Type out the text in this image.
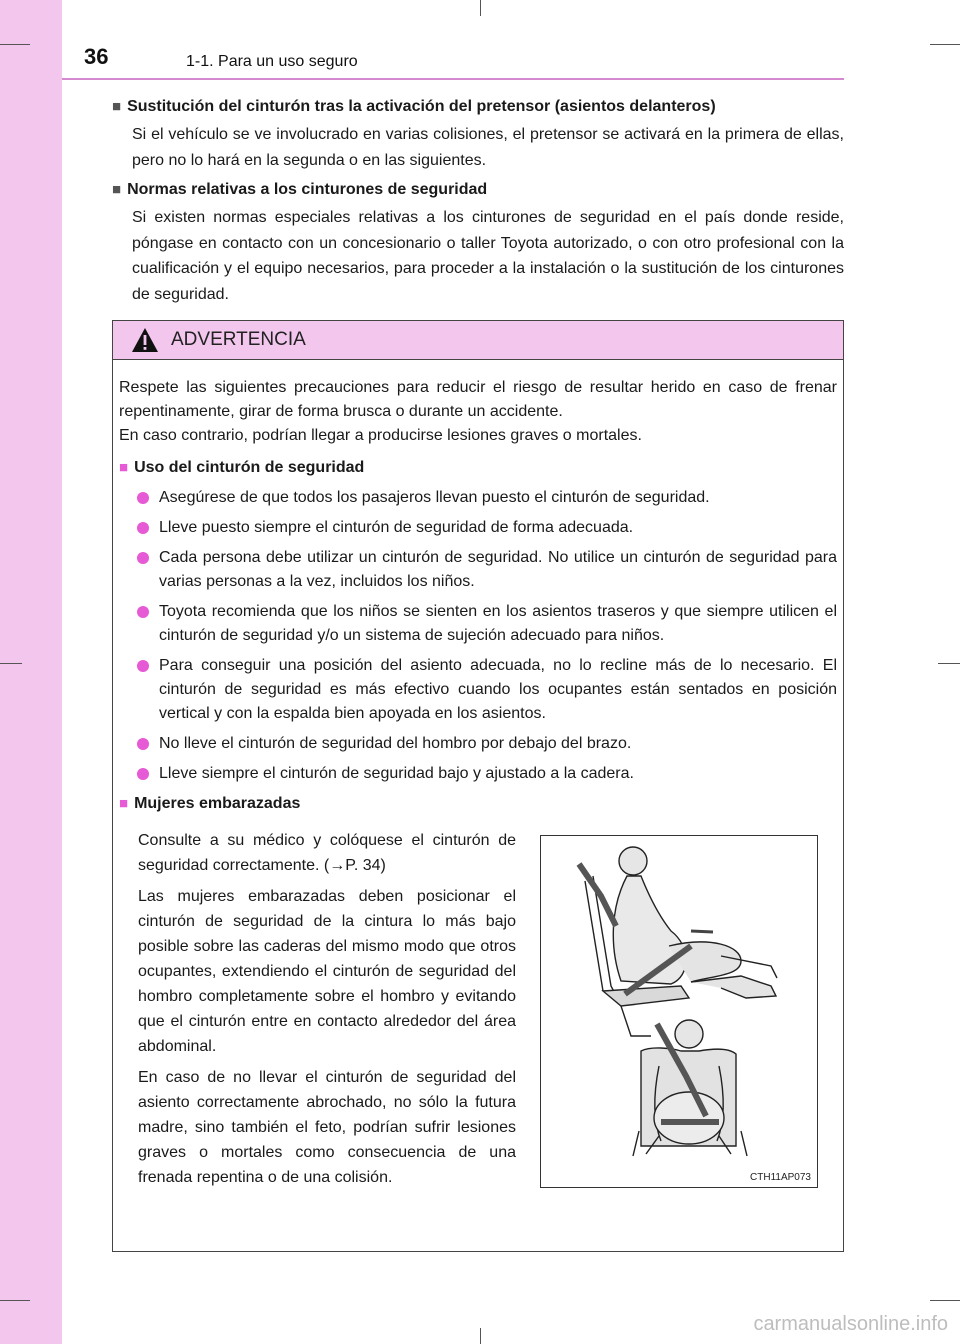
36	1-1. Para un uso seguro
■ Sustitución del cinturón tras la activación del pretensor (asientos delanteros)

Si el vehículo se ve involucrado en varias colisiones, el pretensor se activará en la primera de ellas, pero no lo hará en la segunda o en las siguientes.

■ Normas relativas a los cinturones de seguridad

Si existen normas especiales relativas a los cinturones de seguridad en el país donde reside, póngase en contacto con un concesionario o taller Toyota autorizado, o con otro profesional con la cualificación y el equipo necesarios, para proceder a la instalación o la sustitución de los cinturones de seguridad.

ADVERTENCIA

Respete las siguientes precauciones para reducir el riesgo de resultar herido en caso de frenar repentinamente, girar de forma brusca o durante un accidente.
En caso contrario, podrían llegar a producirse lesiones graves o mortales.

■ Uso del cinturón de seguridad
Asegúrese de que todos los pasajeros llevan puesto el cinturón de seguridad.
Lleve puesto siempre el cinturón de seguridad de forma adecuada.
Cada persona debe utilizar un cinturón de seguridad. No utilice un cinturón de seguridad para varias personas a la vez, incluidos los niños.
Toyota recomienda que los niños se sienten en los asientos traseros y que siempre utilicen el cinturón de seguridad y/o un sistema de sujeción adecuado para niños.
Para conseguir una posición del asiento adecuada, no lo recline más de lo necesario. El cinturón de seguridad es más efectivo cuando los ocupantes están sentados en posición vertical y con la espalda bien apoyada en los asientos.
No lleve el cinturón de seguridad del hombro por debajo del brazo.
Lleve siempre el cinturón de seguridad bajo y ajustado a la cadera.
■ Mujeres embarazadas

Consulte a su médico y colóquese el cinturón de seguridad correctamente. (→P. 34)

Las mujeres embarazadas deben posicionar el cinturón de seguridad de la cintura lo más bajo posible sobre las caderas del mismo modo que otros ocupantes, extendiendo el cinturón de seguridad del hombro completamente sobre el hombro y evitando que el cinturón entre en contacto alrededor del área abdominal.

En caso de no llevar el cinturón de seguridad del asiento correctamente abrochado, no sólo la futura madre, sino también el feto, podrían sufrir lesiones graves o mortales como consecuencia de una frenada repentina o de una colisión.	CTH11AP073
carmanualsonline.info
